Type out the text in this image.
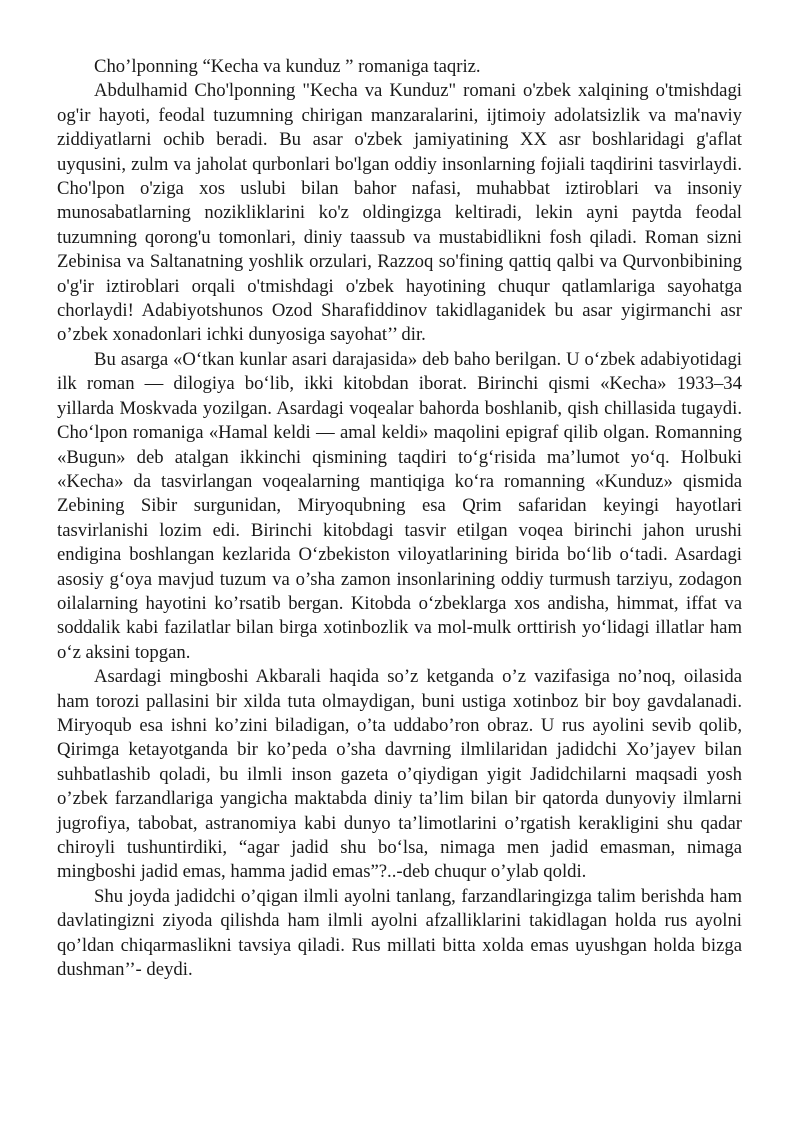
Cho’lponning “Kecha va kunduz ” romaniga taqriz.

Abdulhamid Cho'lponning "Kecha va Kunduz" romani o'zbek xalqining o'tmishdagi og'ir hayoti, feodal tuzumning chirigan manzaralarini, ijtimoiy adolatsizlik va ma'naviy ziddiyatlarni ochib beradi. Bu asar o'zbek jamiyatining XX asr boshlaridagi g'aflat uyqusini, zulm va jaholat qurbonlari bo'lgan oddiy insonlarning fojiali taqdirini tasvirlaydi. Cho'lpon o'ziga xos uslubi bilan bahor nafasi, muhabbat iztiroblari va insoniy munosabatlarning nozikliklarini ko'z oldingizga keltiradi, lekin ayni paytda feodal tuzumning qorong'u tomonlari, diniy taassub va mustabidlikni fosh qiladi. Roman sizni Zebinisa va Saltanatning yoshlik orzulari, Razzoq so'fining qattiq qalbi va Qurvonbibining o'g'ir iztiroblari orqali o'tmishdagi o'zbek hayotining chuqur qatlamlariga sayohatga chorlaydi! Adabiyotshunos Ozod Sharafiddinov takidlaganidek bu asar yigirmanchi asr o’zbek xonadonlari ichki dunyosiga sayohat’’ dir.

Bu asarga «O‘tkan kunlar asari darajasida» deb baho berilgan. U o‘zbek adabiyotidagi ilk roman — dilogiya bo‘lib, ikki kitobdan iborat. Birinchi qismi «Kecha» 1933–34 yillarda Moskvada yozilgan. Asardagi voqealar bahorda boshlanib, qish chillasida tugaydi. Cho‘lpon romaniga «Hamal keldi — amal keldi» maqolini epigraf qilib olgan. Romanning «Bugun» deb atalgan ikkinchi qismining taqdiri to‘g‘risida ma’lumot yo‘q. Holbuki «Kecha» da tasvirlangan voqealarning mantiqiga ko‘ra romanning «Kunduz» qismida Zebining Sibir surgunidan, Miryoqubning esa Qrim safaridan keyingi hayotlari tasvirlanishi lozim edi. Birinchi kitobdagi tasvir etilgan voqea birinchi jahon urushi endigina boshlangan kezlarida O‘zbekiston viloyatlarining birida bo‘lib o‘tadi. Asardagi asosiy g‘oya mavjud tuzum va o’sha zamon insonlarining oddiy turmush tarziyu, zodagon oilalarning hayotini ko’rsatib bergan. Kitobda o‘zbeklarga xos andisha, himmat, iffat va soddalik kabi fazilatlar bilan birga xotinbozlik va mol-mulk orttirish yo‘lidagi illatlar ham o‘z aksini topgan.

Asardagi mingboshi Akbarali haqida so’z ketganda o’z vazifasiga no’noq, oilasida ham torozi pallasini bir xilda tuta olmaydigan, buni ustiga xotinboz bir boy gavdalanadi. Miryoqub esa ishni ko’zini biladigan, o’ta uddabo’ron obraz. U rus ayolini sevib qolib, Qirimga ketayotganda bir ko’peda o’sha davrning ilmlilaridan jadidchi Xo’jayev bilan suhbatlashib qoladi, bu ilmli inson gazeta o’qiydigan yigit Jadidchilarni maqsadi yosh o’zbek farzandlariga yangicha maktabda diniy ta’lim bilan bir qatorda dunyoviy ilmlarni jugrofiya, tabobat, astranomiya kabi dunyo ta’limotlarini o’rgatish kerakligini shu qadar chiroyli tushuntirdiki, “agar jadid shu bo‘lsa, nimaga men jadid emasman, nimaga mingboshi jadid emas, hamma jadid emas”?..-deb chuqur o’ylab qoldi.

Shu joyda jadidchi o’qigan ilmli ayolni tanlang, farzandlaringizga talim berishda ham davlatingizni ziyoda qilishda ham ilmli ayolni afzalliklarini takidlagan holda rus ayolni qo’ldan chiqarmaslikni tavsiya qiladi. Rus millati bitta xolda emas uyushgan holda bizga dushman’’- deydi.
